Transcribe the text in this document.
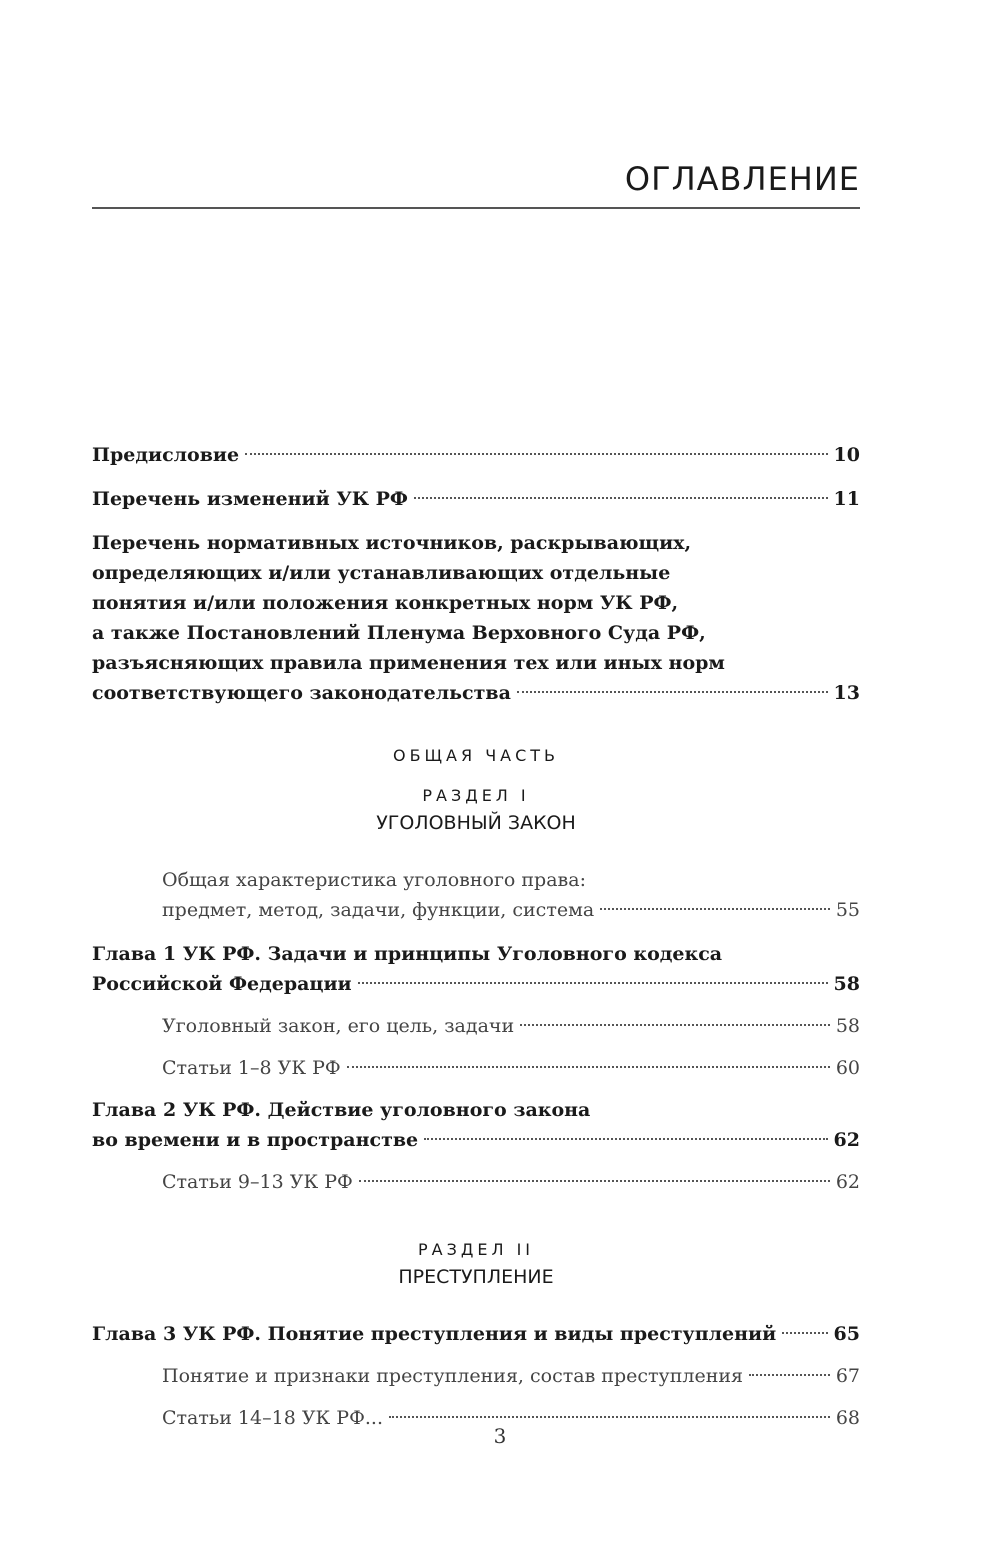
ОГЛАВЛЕНИЕ
Предисловие	10
Перечень изменений УК РФ	11
Перечень нормативных источников, раскрывающих,
определяющих и/или устанавливающих отдельные
понятия и/или положения конкретных норм УК РФ,
а также Постановлений Пленума Верховного Суда РФ,
разъясняющих правила применения тех или иных норм
соответствующего законодательства	13
ОБЩАЯ ЧАСТЬ
РАЗДЕЛ I
УГОЛОВНЫЙ ЗАКОН
Общая характеристика уголовного права:
предмет, метод, задачи, функции, система	55
Глава 1 УК РФ. Задачи и принципы Уголовного кодекса
Российской Федерации	58
Уголовный закон, его цель, задачи	58
Статьи 1–8 УК РФ	60
Глава 2 УК РФ. Действие уголовного закона
во времени и в пространстве	62
Статьи 9–13 УК РФ	62
РАЗДЕЛ II
ПРЕСТУПЛЕНИЕ
Глава 3 УК РФ. Понятие преступления и виды преступлений	65
Понятие и признаки преступления, состав преступления	67
Статьи 14–18 УК РФ...	68
3
